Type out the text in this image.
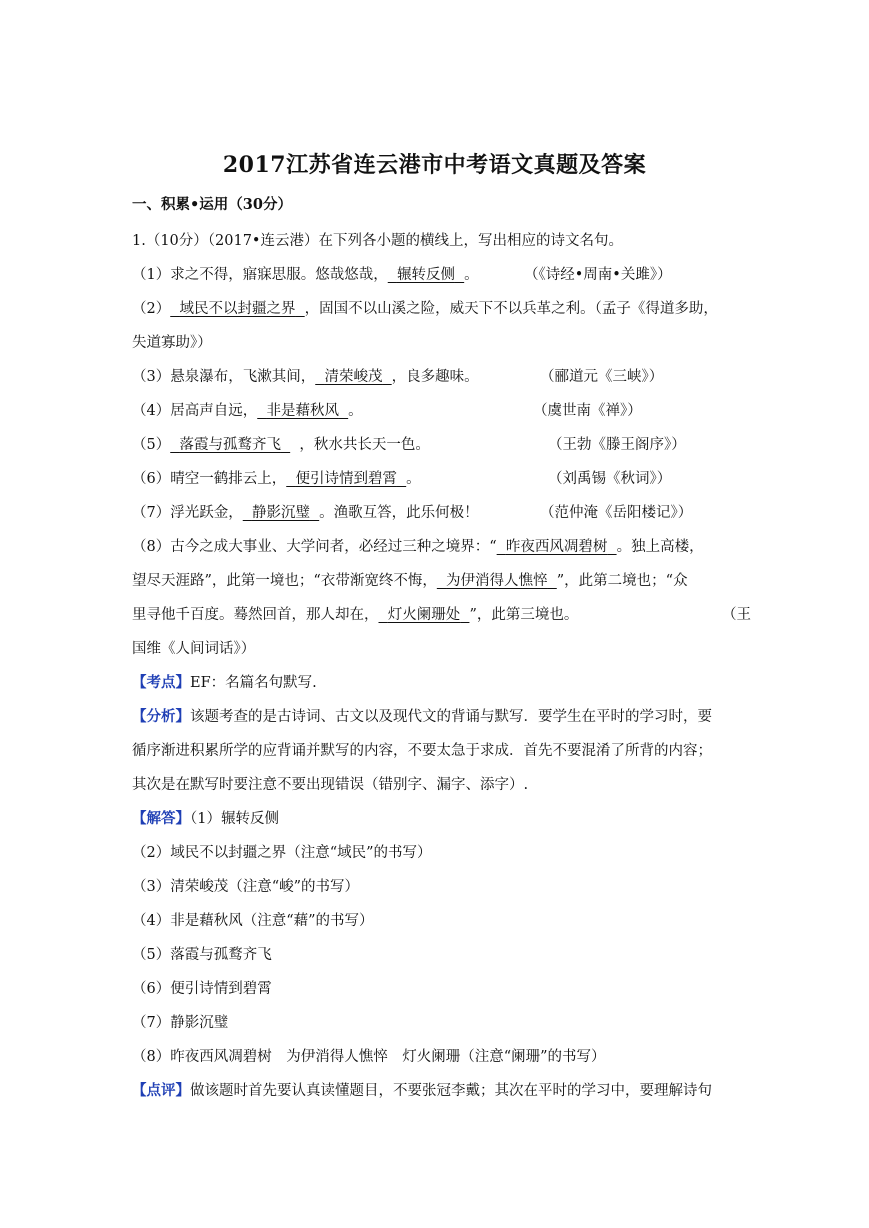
2017江苏省连云港市中考语文真题及答案
一、积累•运用（30分）
1.（10分）（2017•连云港）在下列各小题的横线上，写出相应的诗文名句。
（1）求之不得，寤寐思服。悠哉悠哉， 辗转反侧 。	（《诗经•周南•关雎》）
（2） 域民不以封疆之界 ，固国不以山溪之险，威天下不以兵革之利。（孟子《得道多助，
失道寡助》）
（3）悬泉瀑布，飞漱其间， 清荣峻茂 ，良多趣味。	（郦道元《三峡》）
（4）居高声自远， 非是藉秋风 。	（虞世南《禅》）
（5） 落霞与孤鹜齐飞 ，秋水共长天一色。	（王勃《滕王阁序》）
（6）晴空一鹤排云上， 便引诗情到碧霄 。	（刘禹锡《秋词》）
（7）浮光跃金， 静影沉璧 。渔歌互答，此乐何极！	（范仲淹《岳阳楼记》）
（8）古今之成大事业、大学问者，必经过三种之境界：“ 昨夜西风凋碧树 。独上高楼，
望尽天涯路”，此第一境也；“衣带渐宽终不悔， 为伊消得人憔悴 ”，此第二境也；“众
里寻他千百度。蓦然回首，那人却在， 灯火阑珊处 ”，此第三境也。	（王
国维《人间词话》）
【考点】EF：名篇名句默写.
【分析】该题考查的是古诗词、古文以及现代文的背诵与默写．要学生在平时的学习时，要
循序渐进积累所学的应背诵并默写的内容，不要太急于求成．首先不要混淆了所背的内容；
其次是在默写时要注意不要出现错误（错别字、漏字、添字）.
【解答】（1）辗转反侧
（2）域民不以封疆之界（注意“域民”的书写）
（3）清荣峻茂（注意“峻”的书写）
（4）非是藉秋风（注意“藉”的书写）
（5）落霞与孤鹜齐飞
（6）便引诗情到碧霄
（7）静影沉璧
（8）昨夜西风凋碧树　为伊消得人憔悴　灯火阑珊（注意“阑珊”的书写）
【点评】做该题时首先要认真读懂题目，不要张冠李戴；其次在平时的学习中，要理解诗句
